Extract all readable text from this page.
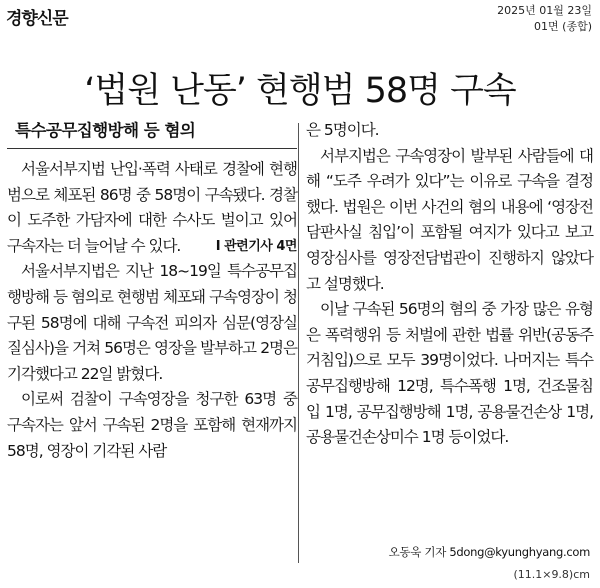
경향신문	2025년 01월 23일
01면 (종합)
‘법원 난동’ 현행범 58명 구속
특수공무집행방해 등 혐의

서울서부지법 난입·폭력 사태로 경찰에 현행범으로 체포된 86명 중 58명이 구속됐다. 경찰이 도주한 가담자에 대한 수사도 벌이고 있어 구속자는 더 늘어날 수 있다.	I 관련기사 4면

서울서부지법은 지난 18~19일 특수공무집행방해 등 혐의로 현행범 체포돼 구속영장이 청구된 58명에 대해 구속전 피의자 심문(영장실질심사)을 거쳐 56명은 영장을 발부하고 2명은 기각했다고 22일 밝혔다.

이로써 검찰이 구속영장을 청구한 63명 중 구속자는 앞서 구속된 2명을 포함해 현재까지 58명, 영장이 기각된 사람

은 5명이다.

서부지법은 구속영장이 발부된 사람들에 대해 “도주 우려가 있다”는 이유로 구속을 결정했다. 법원은 이번 사건의 혐의 내용에 ‘영장전담판사실 침입’이 포함될 여지가 있다고 보고 영장심사를 영장전담법관이 진행하지 않았다고 설명했다.

이날 구속된 56명의 혐의 중 가장 많은 유형은 폭력행위 등 처벌에 관한 법률 위반(공동주거침입)으로 모두 39명이었다. 나머지는 특수공무집행방해 12명, 특수폭행 1명, 건조물침입 1명, 공무집행방해 1명, 공용물건손상 1명, 공용물건손상미수 1명 등이었다.

오동욱 기자 5dong@kyunghyang.com
(11.1×9.8)cm
